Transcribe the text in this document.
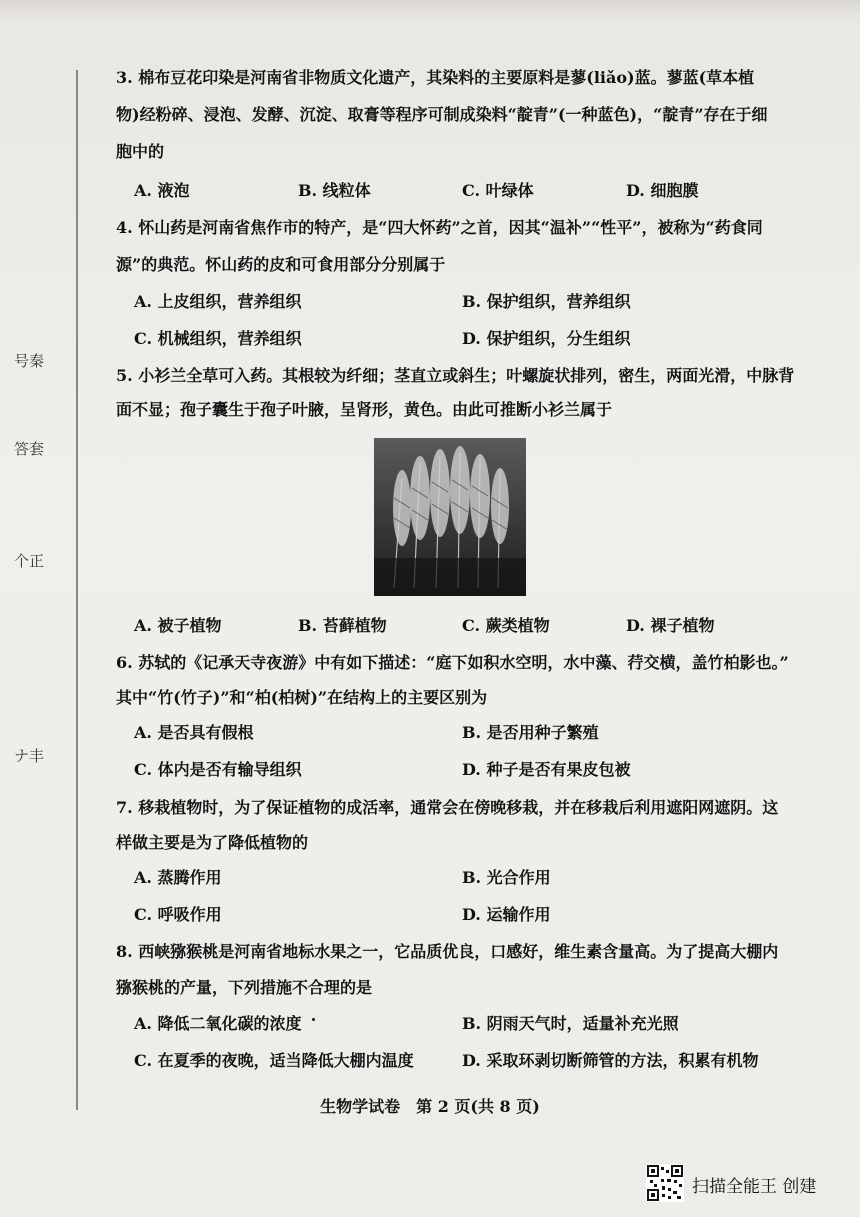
号秦
答套
个正
ナ丰
3. 棉布豆花印染是河南省非物质文化遗产，其染料的主要原料是蓼(liǎo)蓝。蓼蓝(草本植
物)经粉碎、浸泡、发酵、沉淀、取膏等程序可制成染料“靛青”(一种蓝色)，“靛青”存在于细
胞中的
A. 液泡	B. 线粒体	C. 叶绿体	D. 细胞膜
4. 怀山药是河南省焦作市的特产，是“四大怀药”之首，因其“温补”“性平”，被称为“药食同
源”的典范。怀山药的皮和可食用部分分别属于
A. 上皮组织，营养组织	B. 保护组织，营养组织
C. 机械组织，营养组织	D. 保护组织，分生组织
5. 小衫兰全草可入药。其根较为纤细；茎直立或斜生；叶螺旋状排列，密生，两面光滑，中脉背
面不显；孢子囊生于孢子叶腋，呈肾形，黄色。由此可推断小衫兰属于
A. 被子植物	B. 苔藓植物	C. 蕨类植物	D. 裸子植物
6. 苏轼的《记承天寺夜游》中有如下描述：“庭下如积水空明，水中藻、荇交横，盖竹柏影也。”
其中“竹(竹子)”和“柏(柏树)”在结构上的主要区别为
A. 是否具有假根	B. 是否用种子繁殖
C. 体内是否有输导组织	D. 种子是否有果皮包被
7. 移栽植物时，为了保证植物的成活率，通常会在傍晚移栽，并在移栽后利用遮阳网遮阴。这
样做主要是为了降低植物的
A. 蒸腾作用	B. 光合作用
C. 呼吸作用	D. 运输作用
8. 西峡猕猴桃是河南省地标水果之一，它品质优良，口感好，维生素含量高。为了提高大棚内
猕猴桃的产量，下列措施不合理的是
A. 降低二氧化碳的浓度	B. 阴雨天气时，适量补充光照
C. 在夏季的夜晚，适当降低大棚内温度	D. 采取环剥切断筛管的方法，积累有机物
生物学试卷　第 2 页(共 8 页)
扫描全能王 创建
